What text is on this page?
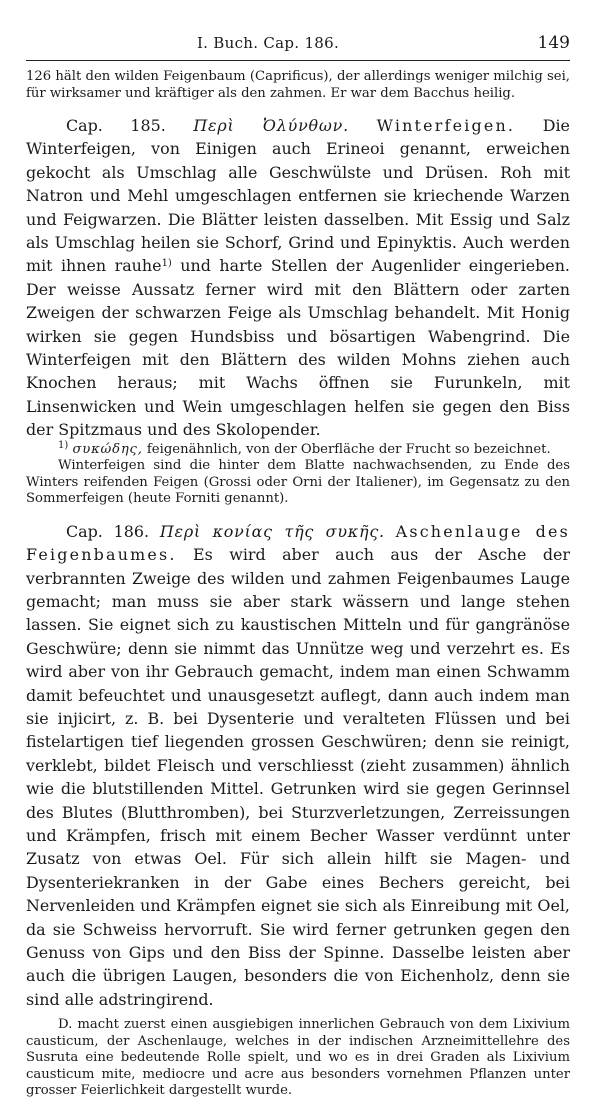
I. Buch. Cap. 186.	149

126 hält den wilden Feigenbaum (Caprificus), der allerdings weniger milchig sei, für wirksamer und kräftiger als den zahmen. Er war dem Bacchus heilig.

Cap. 185. Περὶ Ὀλύνθων. Winterfeigen. Die Winterfeigen, von Einigen auch Erineoi genannt, erweichen gekocht als Umschlag alle Geschwülste und Drüsen. Roh mit Natron und Mehl umgeschlagen entfernen sie kriechende Warzen und Feigwarzen. Die Blätter leisten dasselben. Mit Essig und Salz als Umschlag heilen sie Schorf, Grind und Epinyktis. Auch werden mit ihnen rauhe$^{1)}$ und harte Stellen der Augenlider eingerieben. Der weisse Aussatz ferner wird mit den Blättern oder zarten Zweigen der schwarzen Feige als Umschlag behandelt. Mit Honig wirken sie gegen Hundsbiss und bösartigen Wabengrind. Die Winterfeigen mit den Blättern des wilden Mohns ziehen auch Knochen heraus; mit Wachs öffnen sie Furunkeln, mit Linsenwicken und Wein umgeschlagen helfen sie gegen den Biss der Spitzmaus und des Skolopender.

$^{1)}$ συκώδης, feigenähnlich, von der Oberfläche der Frucht so bezeichnet.

Winterfeigen sind die hinter dem Blatte nachwachsenden, zu Ende des Winters reifenden Feigen (Grossi oder Orni der Italiener), im Gegensatz zu den Sommerfeigen (heute Forniti genannt).

Cap. 186. Περὶ κονίας τῆς συκῆς. Aschenlauge des Feigenbaumes. Es wird aber auch aus der Asche der verbrannten Zweige des wilden und zahmen Feigenbaumes Lauge gemacht; man muss sie aber stark wässern und lange stehen lassen. Sie eignet sich zu kaustischen Mitteln und für gangränöse Geschwüre; denn sie nimmt das Unnütze weg und verzehrt es. Es wird aber von ihr Gebrauch gemacht, indem man einen Schwamm damit befeuchtet und unausgesetzt auflegt, dann auch indem man sie injicirt, z. B. bei Dysenterie und veralteten Flüssen und bei fistelartigen tief liegenden grossen Geschwüren; denn sie reinigt, verklebt, bildet Fleisch und verschliesst (zieht zusammen) ähnlich wie die blutstillenden Mittel. Getrunken wird sie gegen Gerinnsel des Blutes (Blutthromben), bei Sturzverletzungen, Zerreissungen und Krämpfen, frisch mit einem Becher Wasser verdünnt unter Zusatz von etwas Oel. Für sich allein hilft sie Magen- und Dysenteriekranken in der Gabe eines Bechers gereicht, bei Nervenleiden und Krämpfen eignet sie sich als Einreibung mit Oel, da sie Schweiss hervorruft. Sie wird ferner getrunken gegen den Genuss von Gips und den Biss der Spinne. Dasselbe leisten aber auch die übrigen Laugen, besonders die von Eichenholz, denn sie sind alle adstringirend.

D. macht zuerst einen ausgiebigen innerlichen Gebrauch von dem Lixivium causticum, der Aschenlauge, welches in der indischen Arzneimittellehre des Susruta eine bedeutende Rolle spielt, und wo es in drei Graden als Lixivium causticum mite, mediocre und acre aus besonders vornehmen Pflanzen unter grosser Feierlichkeit dargestellt wurde.
